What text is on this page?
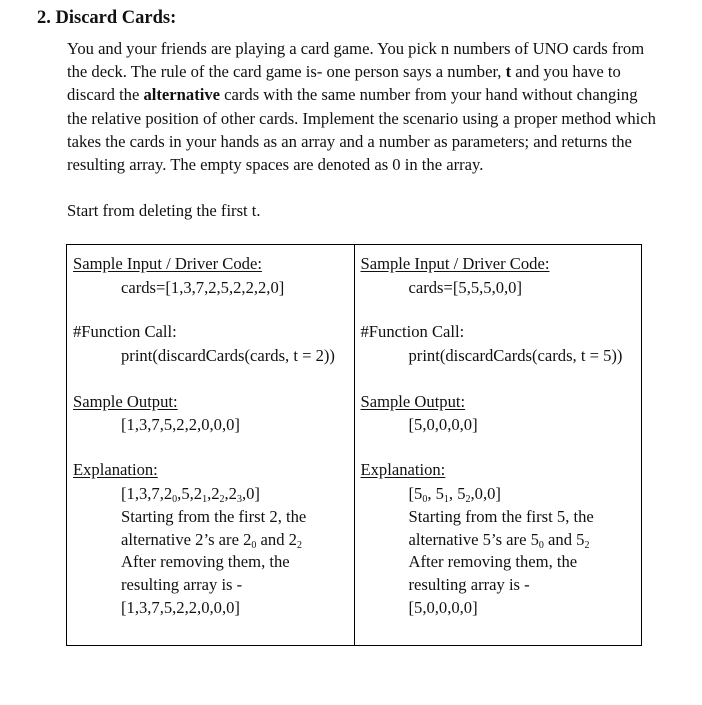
2. Discard Cards:

You and your friends are playing a card game. You pick n numbers of UNO cards from the deck. The rule of the card game is- one person says a number, t and you have to discard the alternative cards with the same number from your hand without changing the relative position of other cards. Implement the scenario using a proper method which takes the cards in your hands as an array and a number as parameters; and returns the resulting array. The empty spaces are denoted as 0 in the array.

Start from deleting the first t.

Sample Input / Driver Code:
cards=[1,3,7,2,5,2,2,2,0]
#Function Call:
print(discardCards(cards, t = 2))
Sample Output:
[1,3,7,5,2,2,0,0,0]
Explanation:
$[1,3,7,2_0,5,2_1,2_2,2_3,0]$
Starting from the first 2, the
alternative 2’s are $2_0$ and $2_2$
After removing them, the
resulting array is -
[1,3,7,5,2,2,0,0,0]
Sample Input / Driver Code:
cards=[5,5,5,0,0]
#Function Call:
print(discardCards(cards, t = 5))
Sample Output:
[5,0,0,0,0]
Explanation:
[$5_0$, $5_1$, $5_2,0,0$]
Starting from the first 5, the
alternative 5’s are $5_0$ and $5_2$
After removing them, the
resulting array is -
[5,0,0,0,0]
